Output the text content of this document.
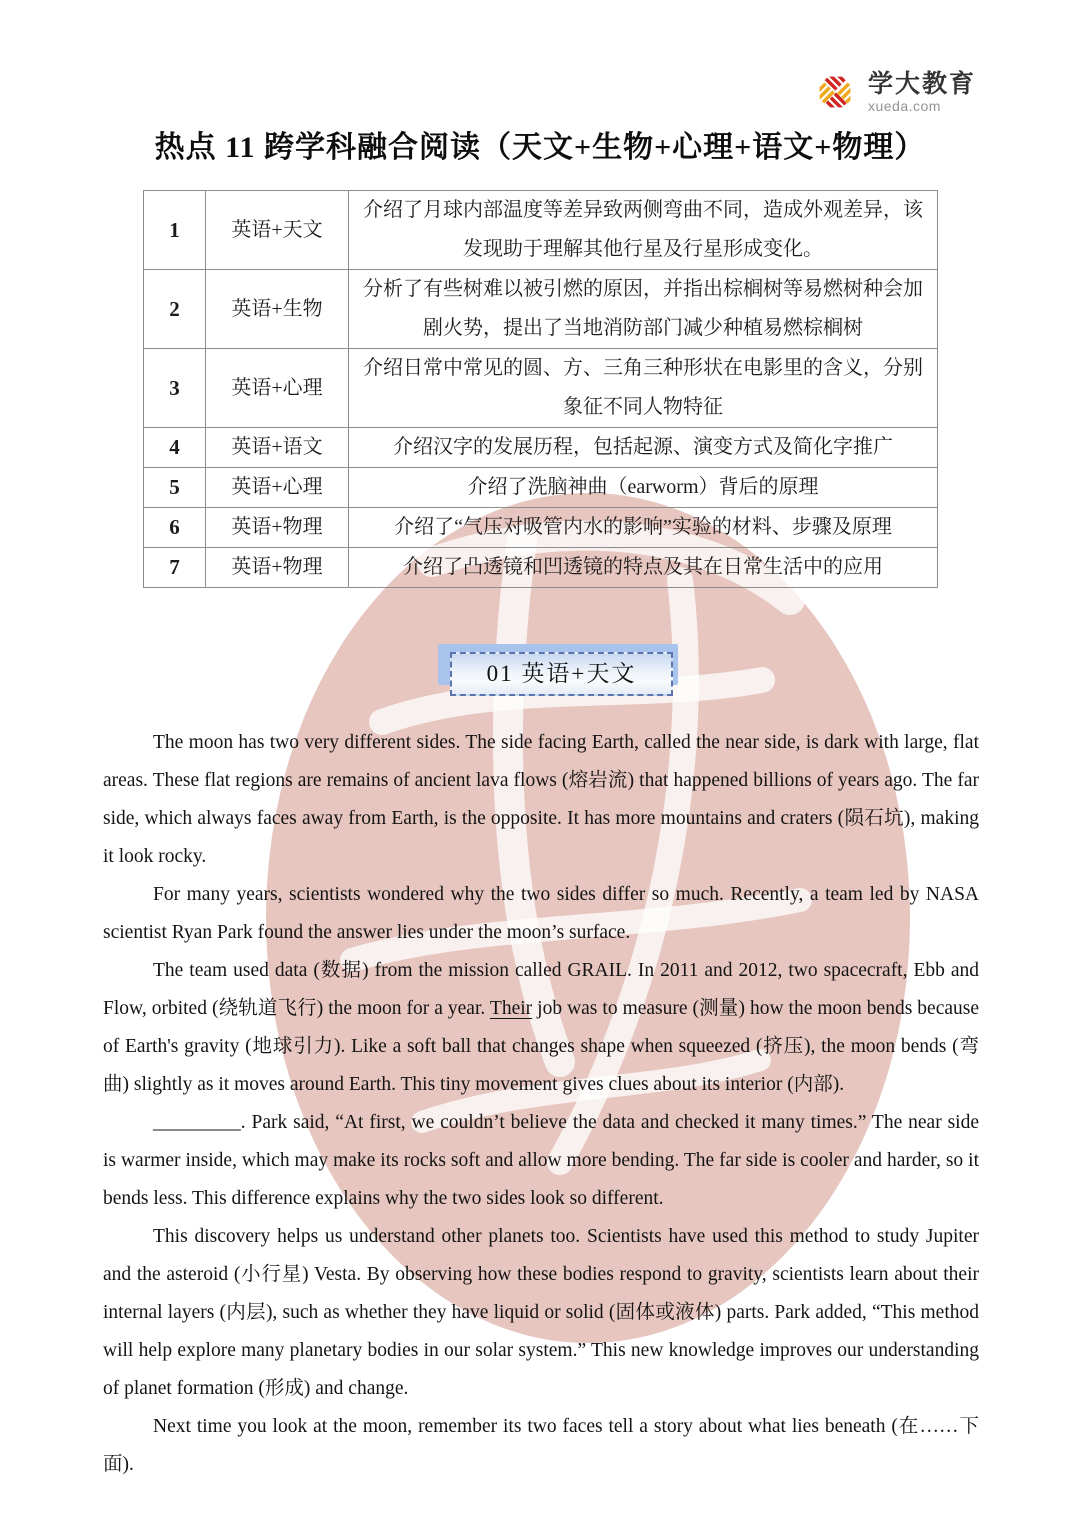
学大教育
xueda.com
热点 11 跨学科融合阅读（天文+生物+心理+语文+物理）
1	英语+天文	介绍了月球内部温度等差异致两侧弯曲不同，造成外观差异，该发现助于理解其他行星及行星形成变化。
2	英语+生物	分析了有些树难以被引燃的原因，并指出棕榈树等易燃树种会加剧火势，提出了当地消防部门减少种植易燃棕榈树
3	英语+心理	介绍日常中常见的圆、方、三角三种形状在电影里的含义，分别象征不同人物特征
4	英语+语文	介绍汉字的发展历程，包括起源、演变方式及简化字推广
5	英语+心理	介绍了洗脑神曲（earworm）背后的原理
6	英语+物理	介绍了“气压对吸管内水的影响”实验的材料、步骤及原理
7	英语+物理	介绍了凸透镜和凹透镜的特点及其在日常生活中的应用
01 英语+天文

The moon has two very different sides. The side facing Earth, called the near side, is dark with large, flat areas. These flat regions are remains of ancient lava flows (熔岩流) that happened billions of years ago. The far side, which always faces away from Earth, is the opposite. It has more mountains and craters (陨石坑), making it look rocky.

For many years, scientists wondered why the two sides differ so much. Recently, a team led by NASA scientist Ryan Park found the answer lies under the moon’s surface.

The team used data (数据) from the mission called GRAIL. In 2011 and 2012, two spacecraft, Ebb and Flow, orbited (绕轨道飞行) the moon for a year. Their job was to measure (测量) how the moon bends because of Earth's gravity (地球引力). Like a soft ball that changes shape when squeezed (挤压), the moon bends (弯曲) slightly as it moves around Earth. This tiny movement gives clues about its interior (内部).

_________. Park said, “At first, we couldn’t believe the data and checked it many times.” The near side is warmer inside, which may make its rocks soft and allow more bending. The far side is cooler and harder, so it bends less. This difference explains why the two sides look so different.

This discovery helps us understand other planets too. Scientists have used this method to study Jupiter and the asteroid (小行星) Vesta. By observing how these bodies respond to gravity, scientists learn about their internal layers (内层), such as whether they have liquid or solid (固体或液体) parts. Park added, “This method will help explore many planetary bodies in our solar system.” This new knowledge improves our understanding of planet formation (形成) and change.

Next time you look at the moon, remember its two faces tell a story about what lies beneath (在……下面).
